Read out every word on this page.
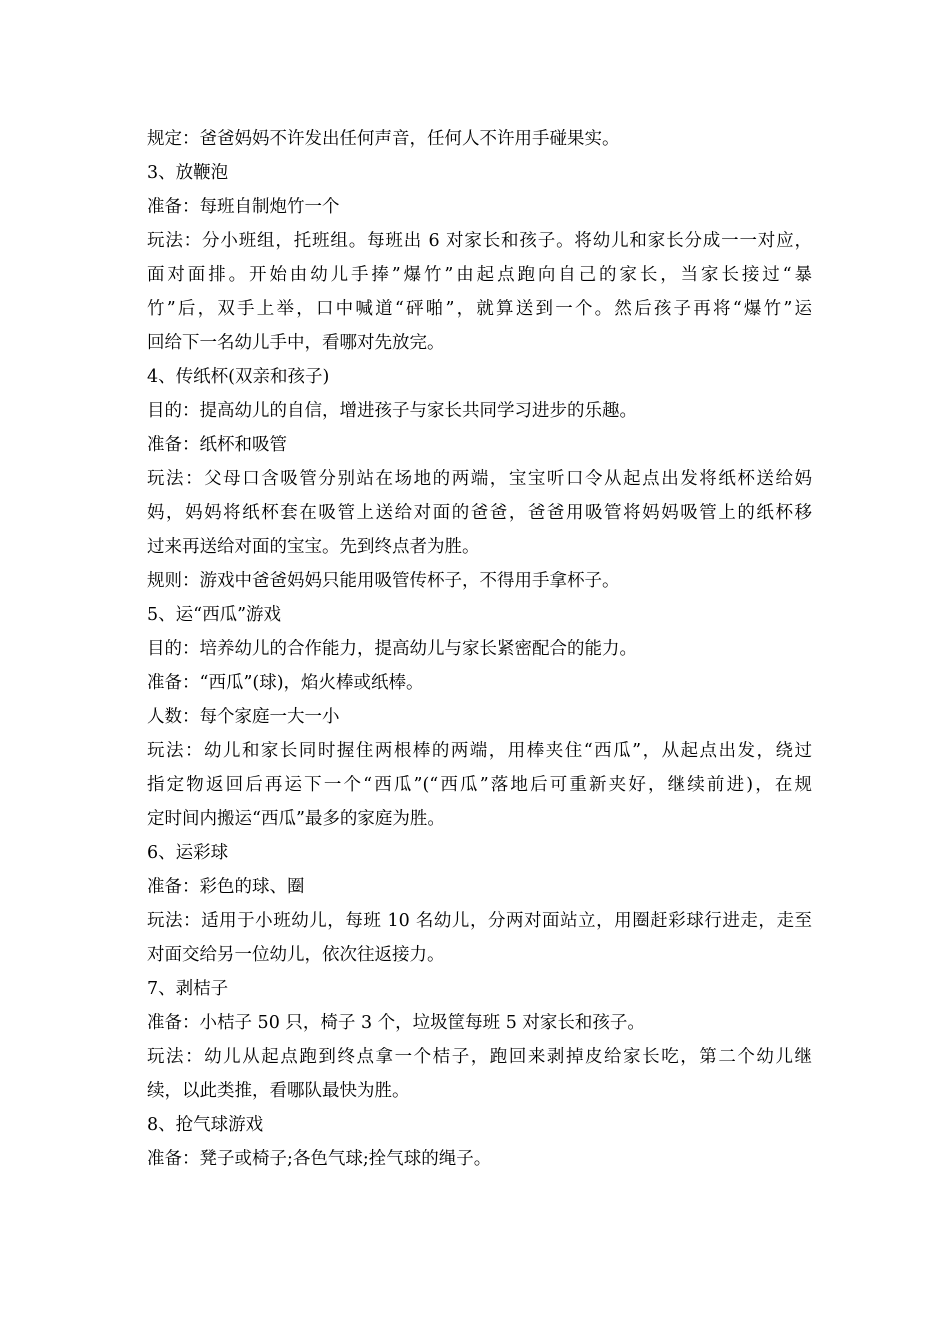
规定：爸爸妈妈不许发出任何声音，任何人不许用手碰果实。
3、放鞭泡
准备：每班自制炮竹一个
玩法：分小班组，托班组。每班出 6 对家长和孩子。将幼儿和家长分成一一对应，
面对面排。开始由幼儿手捧”爆竹”由起点跑向自己的家长，当家长接过“暴
竹”后，双手上举，口中喊道“砰啪”，就算送到一个。然后孩子再将“爆竹”运
回给下一名幼儿手中，看哪对先放完。
4、传纸杯(双亲和孩子)
目的：提高幼儿的自信，增进孩子与家长共同学习进步的乐趣。
准备：纸杯和吸管
玩法：父母口含吸管分别站在场地的两端，宝宝听口令从起点出发将纸杯送给妈
妈，妈妈将纸杯套在吸管上送给对面的爸爸，爸爸用吸管将妈妈吸管上的纸杯移
过来再送给对面的宝宝。先到终点者为胜。
规则：游戏中爸爸妈妈只能用吸管传杯子，不得用手拿杯子。
5、运“西瓜”游戏
目的：培养幼儿的合作能力，提高幼儿与家长紧密配合的能力。
准备：“西瓜”(球)，焰火棒或纸棒。
人数：每个家庭一大一小
玩法：幼儿和家长同时握住两根棒的两端，用棒夹住“西瓜”，从起点出发，绕过
指定物返回后再运下一个“西瓜”(“西瓜”落地后可重新夹好，继续前进)，在规
定时间内搬运“西瓜”最多的家庭为胜。
6、运彩球
准备：彩色的球、圈
玩法：适用于小班幼儿，每班 10 名幼儿，分两对面站立，用圈赶彩球行进走，走至
对面交给另一位幼儿，依次往返接力。
7、剥桔子
准备：小桔子 50 只，椅子 3 个，垃圾筐每班 5 对家长和孩子。
玩法：幼儿从起点跑到终点拿一个桔子，跑回来剥掉皮给家长吃，第二个幼儿继
续，以此类推，看哪队最快为胜。
8、抢气球游戏
准备：凳子或椅子;各色气球;拴气球的绳子。
